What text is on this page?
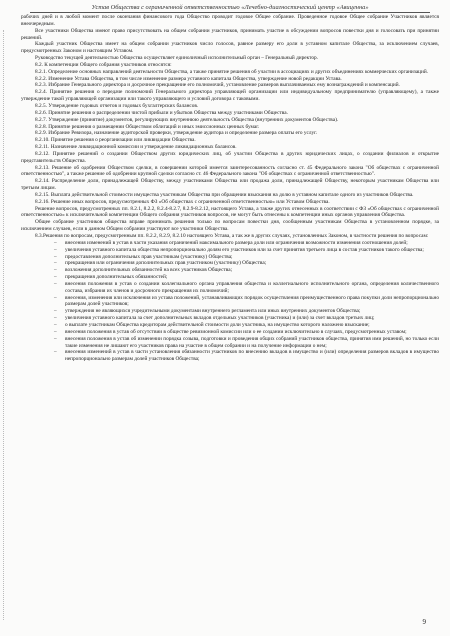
Устав Общества с ограниченной ответственностью «Лечебно-диагностический центр «Авиценна»

рабочих дней и в любой момент после окончания финансового года Общество проводит годовое Общее собрание. Проведенное годовое Общее собрание Участников является внеочередным.

Все участники Общества имеют право присутствовать на общем собрании участников, принимать участие в обсуждении вопросов повестки дня и голосовать при принятии решений.

Каждый участник Общества имеет на общем собрании участников число голосов, равное размеру его доли в уставном капитале Общества, за исключением случаев, предусмотренных Законом и настоящим Уставом.

Руководство текущей деятельностью Общества осуществляет единоличный исполнительный орган – Генеральный директор.

8.2. К компетенции Общего собрания участников относятся:

8.2.1. Определение основных направлений деятельности Общества, а также принятие решения об участии в ассоциациях и других объединениях коммерческих организаций.

8.2.2. Изменение Устава Общества, в том числе изменение размера уставного капитала Общества, утверждение новой редакции Устава.

8.2.3. Избрание Генерального директора и досрочное прекращение его полномочий, установление размеров выплачиваемых ему вознаграждений и компенсаций.

8.2.4. Принятие решения о передаче полномочий Генерального директора управляющей организации или индивидуальному предпринимателю (управляющему), а также утверждение такой управляющей организации или такого управляющего и условий договора с таковыми.

8.2.5. Утверждение годовых отчетов и годовых бухгалтерских балансов.

8.2.6. Принятие решения о распределении чистой прибыли и убытков Общества между участниками Общества.

8.2.7. Утверждение (принятие) документов, регулирующих внутреннюю деятельность Общества (внутренних документов Общества).

8.2.8. Принятие решения о размещении Обществом облигаций и иных эмиссионных ценных бумаг.

8.2.9. Избрание Ревизора, назначение аудиторской проверки, утверждение аудитора и определение размера оплаты его услуг.

8.2.10. Принятие решения о реорганизации или ликвидации Общества.

8.2.11. Назначение ликвидационной комиссии и утверждение ликвидационных балансов.

8.2.12. Принятие решений о создании Обществом других юридических лиц, об участии Общества в других юридических лицах, о создании филиалов и открытие представительств Общества.

8.2.13. Решение об одобрении Обществом сделки, в совершении которой имеется заинтересованность согласно ст. 45 Федерального закона "Об обществах с ограниченной ответственностью", а также решение об одобрении крупной сделки согласно ст. 46 Федерального закона "Об обществах с ограниченной ответственностью".

8.2.14. Распределение доли, принадлежащей Обществу, между участниками Общества или продажа доли, принадлежащей Обществу, некоторым участникам Общества или третьим лицам.

8.2.15. Выплата действительной стоимости имущества участникам Общества при обращении взыскания на долю в уставном капитале одного из участников Общества.

8.2.16. Решение иных вопросов, предусмотренных ФЗ «Об обществах с ограниченной ответственностью» или Уставом Общества.

Решение вопросов, предусмотренных пп. 8.2.1, 8.2.2, 8.2.4-8.2.7, 8.2.9-8.2.12, настоящего Устава, а также других отнесенных в соответствии с ФЗ «Об обществах с ограниченной ответственностью» к исключительной компетенции Общего собрания участников вопросов, не могут быть отнесены к компетенции иных органов управления Общества.

Общее собрание участников общества вправе принимать решения только по вопросам повестки дня, сообщенным участникам Общества в установленном порядке, за исключением случаев, если в данном Общем собрании участвуют все участники Общества.

8.3.Решения по вопросам, предусмотренным пп. 8.2.2, 8.2.9, 8.2.10 настоящего Устава, а так же в других случаях, установленных Законом, в частности решения по вопросам:

– внесения изменений в устав в части указания ограничений максимального размера доли или ограничения возможности изменения соотношения долей;
– увеличения уставного капитала общества непропорционально долям его участников или за счет принятия третьего лица в состав участников такого общества;
– предоставления дополнительных прав участникам (участнику) Общества;
– прекращения или ограничения дополнительных прав участником (участнику) Общества;
– возложения дополнительных обязанностей на всех участников Общества;
– прекращения дополнительных обязанностей;
– внесения положения в устав о создании коллегиального органа управления общества и коллегиального исполнительного органа, определения количественного состава, избрания их членов и досрочного прекращения их полномочий;
– внесения, изменения или исключения из устава положений, устанавливающих порядок осуществления преимущественного права покупки доли непропорционально размерам долей участников;
– утверждения не являющихся учредительными документами внутреннего регламента или иных внутренних документов Общества;
– увеличения уставного капитала за счет дополнительных вкладов отдельных участников (участника) и (или) за счет вкладов третьих лиц;
– о выплате участникам Общества кредиторам действительной стоимости доли участника, на имущество которого наложено взыскание;
– внесения положения в устав об отсутствии в обществе ревизионной комиссии или о ее создании исключительно в случаях, предусмотренных уставом;
– внесения положения в устав об изменении порядка созыва, подготовки и проведения общих собраний участников общества, принятия ими решений, но только если такие изменения не лишают его участников права на участие в общем собрании и на получение информации о нем;
– внесения изменений в устав в части установления обязанности участников по внесению вкладов в имущество и (или) определения размеров вкладов в имущество непропорционально размерам долей участников Общества;
9
